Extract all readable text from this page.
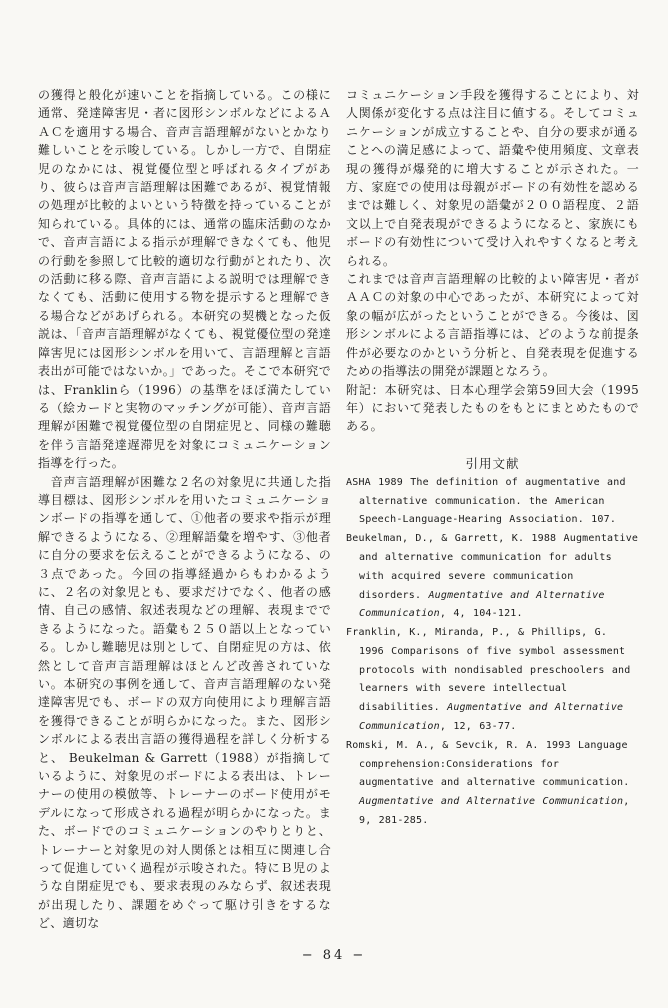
の獲得と般化が速いことを指摘している。この様に通常、発達障害児・者に図形シンボルなどによるＡＡＣを適用する場合、音声言語理解がないとかなり難しいことを示唆している。しかし一方で、自閉症児のなかには、視覚優位型と呼ばれるタイプがあり、彼らは音声言語理解は困難であるが、視覚情報の処理が比較的よいという特徴を持っていることが知られている。具体的には、通常の臨床活動のなかで、音声言語による指示が理解できなくても、他児の行動を参照して比較的適切な行動がとれたり、次の活動に移る際、音声言語による説明では理解できなくても、活動に使用する物を提示すると理解できる場合などがあげられる。本研究の契機となった仮説は、「音声言語理解がなくても、視覚優位型の発達障害児には図形シンボルを用いて、言語理解と言語表出が可能ではないか。」であった。そこで本研究では、Franklinら（1996）の基準をほぼ満たしている（絵カードと実物のマッチングが可能）、音声言語理解が困難で視覚優位型の自閉症児と、同様の難聴を伴う言語発達遅滞児を対象にコミュニケーション指導を行った。

　音声言語理解が困難な２名の対象児に共通した指導目標は、図形シンボルを用いたコミュニケーションボードの指導を通して、①他者の要求や指示が理解できるようになる、②理解語彙を増やす、③他者に自分の要求を伝えることができるようになる、の３点であった。今回の指導経過からもわかるように、２名の対象児とも、要求だけでなく、他者の感情、自己の感情、叙述表現などの理解、表現までできるようになった。語彙も２５０語以上となっている。しかし難聴児は別として、自閉症児の方は、依然として音声言語理解はほとんど改善されていない。本研究の事例を通して、音声言語理解のない発達障害児でも、ボードの双方向使用により理解言語を獲得できることが明らかになった。また、図形シンボルによる表出言語の獲得過程を詳しく分析すると、 Beukelman & Garrett（1988）が指摘しているように、対象児のボードによる表出は、トレーナーの使用の模倣等、トレーナーのボード使用がモデルになって形成される過程が明らかになった。また、ボードでのコミュニケーションのやりとりと、トレーナーと対象児の対人関係とは相互に関連し合って促進していく過程が示唆された。特にＢ児のような自閉症児でも、要求表現のみならず、叙述表現が出現したり、課題をめぐって駆け引きをするなど、適切な

コミュニケーション手段を獲得することにより、対人関係が変化する点は注目に値する。そしてコミュニケーションが成立することや、自分の要求が通ることへの満足感によって、語彙や使用頻度、文章表現の獲得が爆発的に増大することが示された。一方、家庭での使用は母親がボードの有効性を認めるまでは難しく、対象児の語彙が２００語程度、２語文以上で自発表現ができるようになると、家族にもボードの有効性について受け入れやすくなると考えられる。

これまでは音声言語理解の比較的よい障害児・者がＡＡＣの対象の中心であったが、本研究によって対象の幅が広がったということができる。今後は、図形シンボルによる言語指導には、どのような前提条件が必要なのかという分析と、自発表現を促進するための指導法の開発が課題となろう。

附記：本研究は、日本心理学会第59回大会（1995年）において発表したものをもとにまとめたものである。

引用文献

ASHA 1989 The definition of augmentative and alternative communication. the American Speech-Language-Hearing Association. 107.

Beukelman, D., & Garrett, K. 1988 Augmentative and alternative communication for adults with acquired severe communication disorders. Augmentative and Alternative Communication, 4, 104-121.

Franklin, K., Miranda, P., & Phillips, G. 1996 Comparisons of five symbol assessment protocols with nondisabled preschoolers and learners with severe intellectual disabilities. Augmentative and Alternative Communication, 12, 63-77.

Romski, M. A., & Sevcik, R. A. 1993 Language comprehension:Considerations for augmentative and alternative communication. Augmentative and Alternative Communication, 9, 281-285.

− 84 −
